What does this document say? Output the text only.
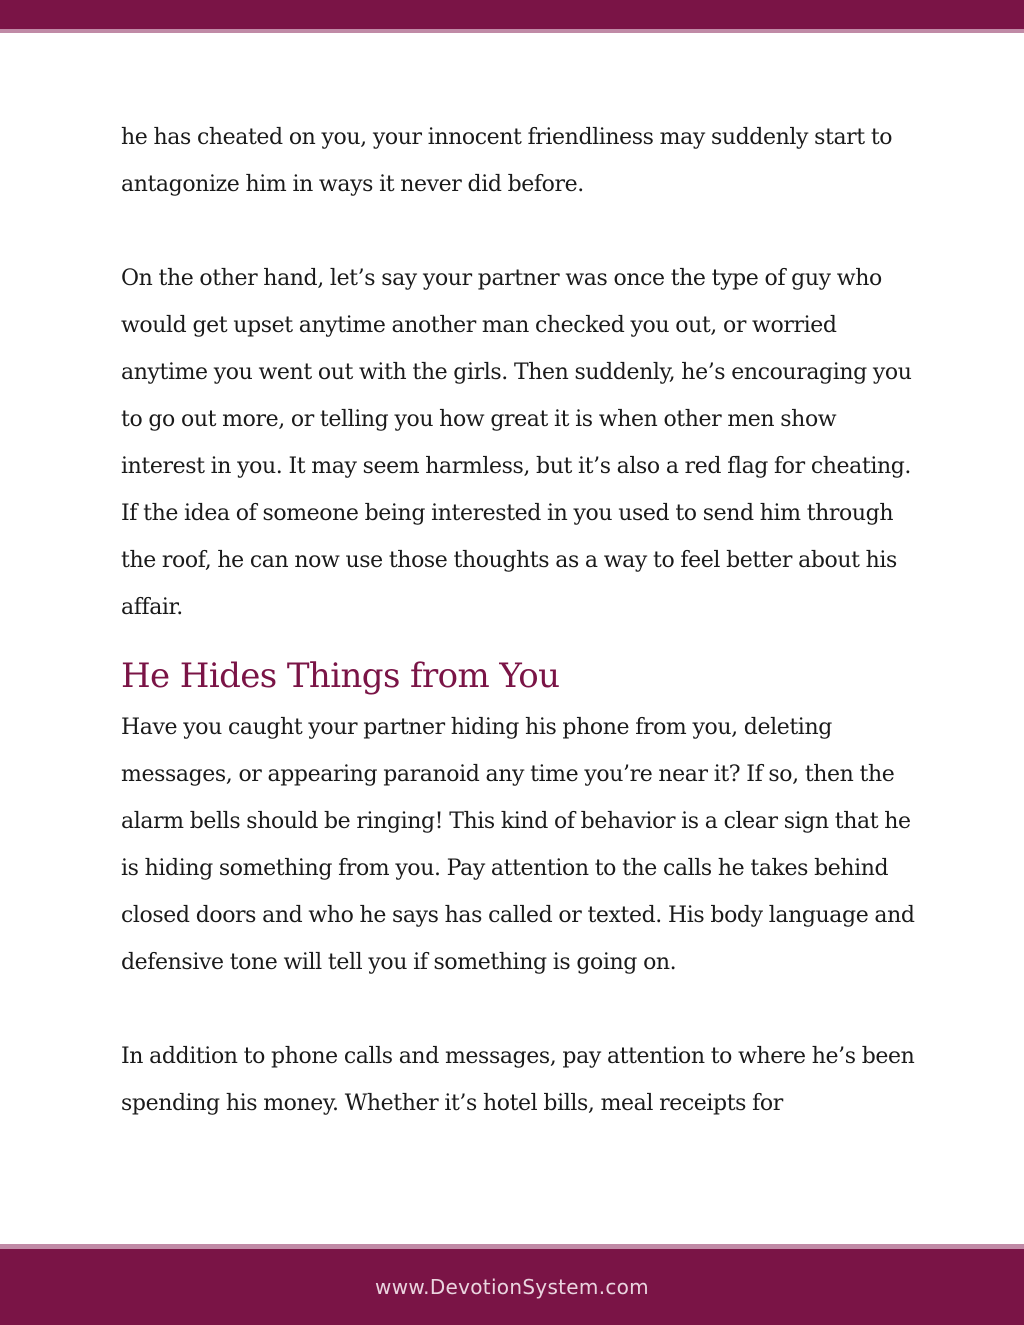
he has cheated on you, your innocent friendliness may suddenly start to antagonize him in ways it never did before.

On the other hand, let’s say your partner was once the type of guy who would get upset anytime another man checked you out, or worried anytime you went out with the girls. Then suddenly, he’s encouraging you to go out more, or telling you how great it is when other men show interest in you. It may seem harmless, but it’s also a red flag for cheating. If the idea of someone being interested in you used to send him through the roof, he can now use those thoughts as a way to feel better about his affair.

He Hides Things from You

Have you caught your partner hiding his phone from you, deleting messages, or appearing paranoid any time you’re near it? If so, then the alarm bells should be ringing! This kind of behavior is a clear sign that he is hiding something from you. Pay attention to the calls he takes behind closed doors and who he says has called or texted. His body language and defensive tone will tell you if something is going on.

In addition to phone calls and messages, pay attention to where he’s been spending his money. Whether it’s hotel bills, meal receipts for

www.DevotionSystem.com
